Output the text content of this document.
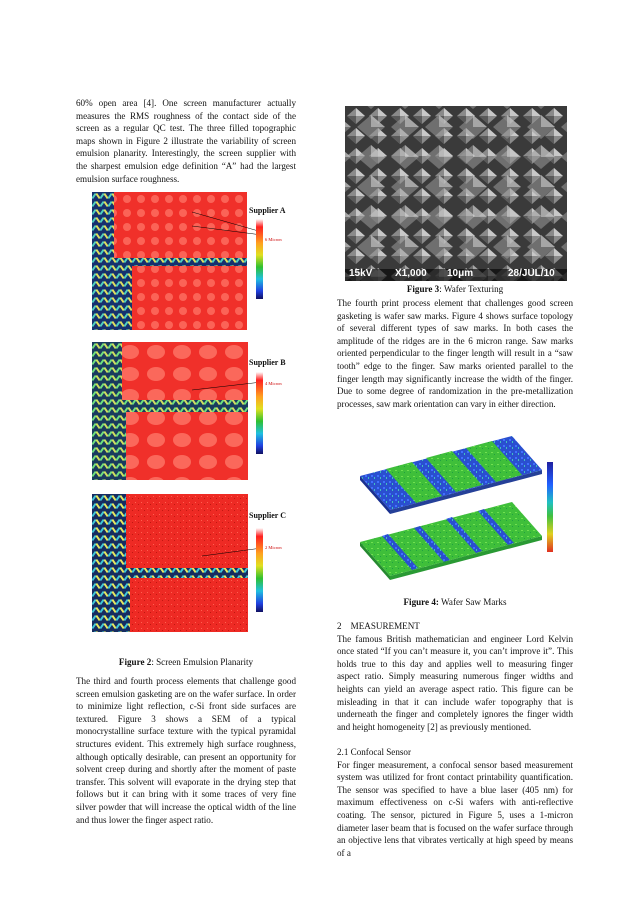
60% open area [4]. One screen manufacturer actually measures the RMS roughness of the contact side of the screen as a regular QC test. The three filled topographic maps shown in Figure 2 illustrate the variability of screen emulsion planarity. Interestingly, the screen supplier with the sharpest emulsion edge definition “A” had the largest emulsion surface roughness.

Supplier A
6 Micron
Supplier B
4 Micron
Supplier C
2 Micron
Figure 2: Screen Emulsion Planarity

The third and fourth process elements that challenge good screen emulsion gasketing are on the wafer surface. In order to minimize light reflection, c-Si front side surfaces are textured. Figure 3 shows a SEM of a typical monocrystalline surface texture with the typical pyramidal structures evident. This extremely high surface roughness, although optically desirable, can present an opportunity for solvent creep during and shortly after the moment of paste transfer. This solvent will evaporate in the drying step that follows but it can bring with it some traces of very fine silver powder that will increase the optical width of the line and thus lower the finger aspect ratio.

15kV X1,000 10μm	28/JUL/10
Figure 3: Wafer Texturing

The fourth print process element that challenges good screen gasketing is wafer saw marks. Figure 4 shows surface topology of several different types of saw marks. In both cases the amplitude of the ridges are in the 6 micron range. Saw marks oriented perpendicular to the finger length will result in a “saw tooth” edge to the finger. Saw marks oriented parallel to the finger length may significantly increase the width of the finger. Due to some degree of randomization in the pre-metallization processes, saw mark orientation can vary in either direction.

Figure 4: Wafer Saw Marks

2    MEASUREMENT

The famous British mathematician and engineer Lord Kelvin once stated “If you can’t measure it, you can’t improve it”. This holds true to this day and applies well to measuring finger aspect ratio. Simply measuring numerous finger widths and heights can yield an average aspect ratio. This figure can be misleading in that it can include wafer topography that is underneath the finger and completely ignores the finger width and height homogeneity [2] as previously mentioned.

2.1 Confocal Sensor

For finger measurement, a confocal sensor based measurement system was utilized for front contact printability quantification. The sensor was specified to have a blue laser (405 nm) for maximum effectiveness on c-Si wafers with anti-reflective coating. The sensor, pictured in Figure 5, uses a 1-micron diameter laser beam that is focused on the wafer surface through an objective lens that vibrates vertically at high speed by means of a
